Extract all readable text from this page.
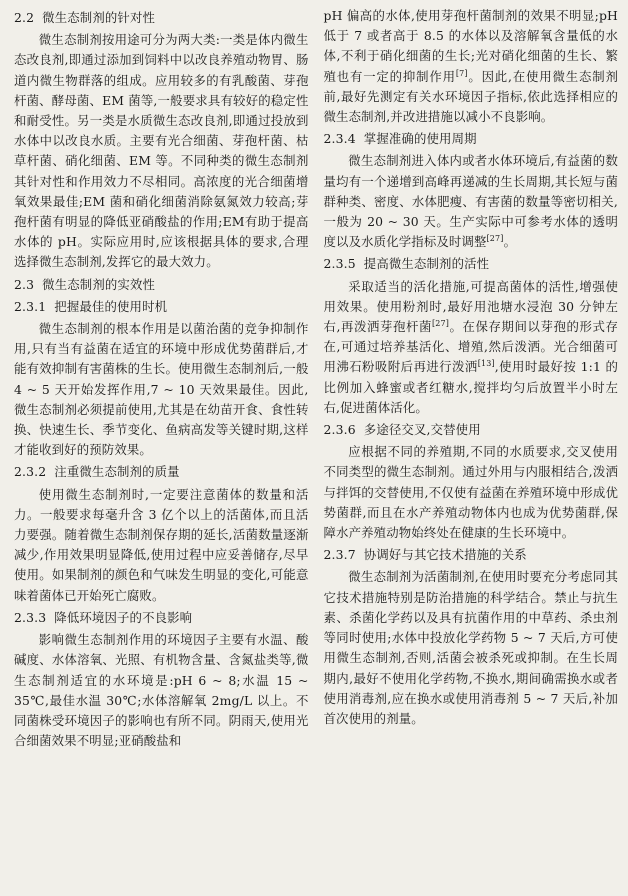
2.2 微生态制剂的针对性
微生态制剂按用途可分为两大类:一类是体内微生态改良剂,即通过添加到饲料中以改良养殖动物胃、肠道内微生物群落的组成。应用较多的有乳酸菌、芽孢杆菌、酵母菌、EM 菌等,一般要求具有较好的稳定性和耐受性。另一类是水质微生态改良剂,即通过投放到水体中以改良水质。主要有光合细菌、芽孢杆菌、枯草杆菌、硝化细菌、EM 等。不同种类的微生态制剂其针对性和作用效力不尽相同。高浓度的光合细菌增氧效果最佳;EM 菌和硝化细菌消除氨氮效力较高;芽孢杆菌有明显的降低亚硝酸盐的作用;EM有助于提高水体的 pH。实际应用时,应该根据具体的要求,合理选择微生态制剂,发挥它的最大效力。
2.3 微生态制剂的实效性
2.3.1 把握最佳的使用时机
微生态制剂的根本作用是以菌治菌的竞争抑制作用,只有当有益菌在适宜的环境中形成优势菌群后,才能有效抑制有害菌株的生长。使用微生态制剂后,一般 4 ~ 5 天开始发挥作用,7 ~ 10 天效果最佳。因此,微生态制剂必须提前使用,尤其是在幼苗开食、食性转换、快速生长、季节变化、鱼病高发等关键时期,这样才能收到好的预防效果。
2.3.2 注重微生态制剂的质量
使用微生态制剂时,一定要注意菌体的数量和活力。一般要求每毫升含 3 亿个以上的活菌体,而且活力要强。随着微生态制剂保存期的延长,活菌数量逐渐减少,作用效果明显降低,使用过程中应妥善储存,尽早使用。如果制剂的颜色和气味发生明显的变化,可能意味着菌体已开始死亡腐败。
2.3.3 降低环境因子的不良影响
影响微生态制剂作用的环境因子主要有水温、酸碱度、水体溶氧、光照、有机物含量、含氮盐类等,微生态制剂适宜的水环境是:pH 6 ~ 8;水温 15 ~ 35℃,最佳水温 30℃;水体溶解氧 2mg/L 以上。不同菌株受环境因子的影响也有所不同。阴雨天,使用光合细菌效果不明显;亚硝酸盐和
pH 偏高的水体,使用芽孢杆菌制剂的效果不明显;pH 低于 7 或者高于 8.5 的水体以及溶解氧含量低的水体,不利于硝化细菌的生长;光对硝化细菌的生长、繁殖也有一定的抑制作用[7]。因此,在使用微生态制剂前,最好先测定有关水环境因子指标,依此选择相应的微生态制剂,并改进措施以减小不良影响。
2.3.4 掌握准确的使用周期
微生态制剂进入体内或者水体环境后,有益菌的数量均有一个递增到高峰再递减的生长周期,其长短与菌群种类、密度、水体肥瘦、有害菌的数量等密切相关,一般为 20 ~ 30 天。生产实际中可参考水体的透明度以及水质化学指标及时调整[27]。
2.3.5 提高微生态制剂的活性
采取适当的活化措施,可提高菌体的活性,增强使用效果。使用粉剂时,最好用池塘水浸泡 30 分钟左右,再泼洒芽孢杆菌[27]。在保存期间以芽孢的形式存在,可通过培养基活化、增殖,然后泼洒。光合细菌可用沸石粉吸附后再进行泼洒[13],使用时最好按 1:1 的比例加入蜂蜜或者红糖水,搅拌均匀后放置半小时左右,促进菌体活化。
2.3.6 多途径交叉,交替使用
应根据不同的养殖期,不同的水质要求,交叉使用不同类型的微生态制剂。通过外用与内服相结合,泼洒与拌饵的交替使用,不仅使有益菌在养殖环境中形成优势菌群,而且在水产养殖动物体内也成为优势菌群,保障水产养殖动物始终处在健康的生长环境中。
2.3.7 协调好与其它技术措施的关系
微生态制剂为活菌制剂,在使用时要充分考虑同其它技术措施特别是防治措施的科学结合。禁止与抗生素、杀菌化学药以及具有抗菌作用的中草药、杀虫剂等同时使用;水体中投放化学药物 5 ~ 7 天后,方可使用微生态制剂,否则,活菌会被杀死或抑制。在生长周期内,最好不使用化学药物,不换水,期间确需换水或者使用消毒剂,应在换水或使用消毒剂 5 ~ 7 天后,补加首次使用的剂量。
